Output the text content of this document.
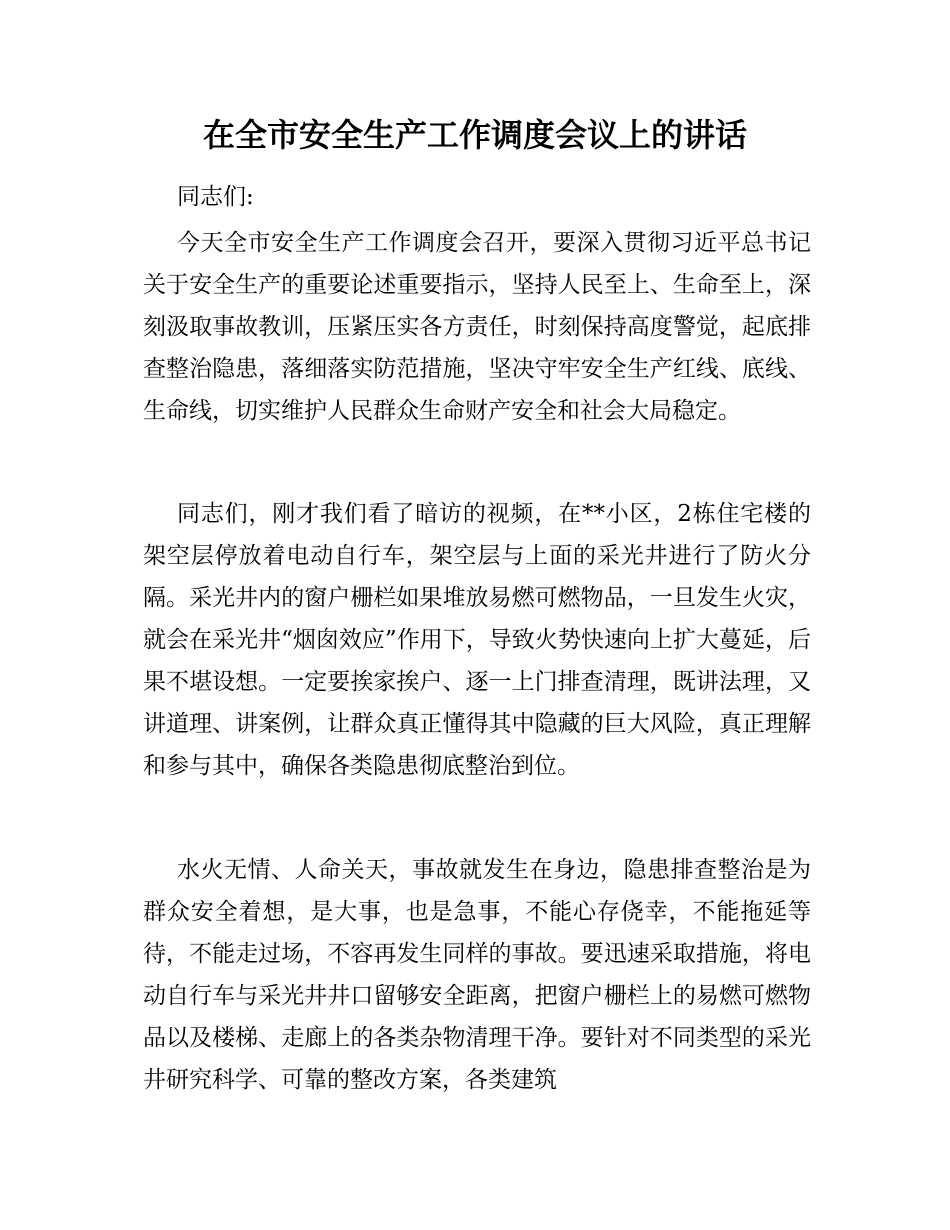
在全市安全生产工作调度会议上的讲话

同志们:

今天全市安全生产工作调度会召开，要深入贯彻习近平总书记关于安全生产的重要论述重要指示，坚持人民至上、生命至上，深刻汲取事故教训，压紧压实各方责任，时刻保持高度警觉，起底排查整治隐患，落细落实防范措施，坚决守牢安全生产红线、底线、生命线，切实维护人民群众生命财产安全和社会大局稳定。

同志们，刚才我们看了暗访的视频，在**小区，2栋住宅楼的架空层停放着电动自行车，架空层与上面的采光井进行了防火分隔。采光井内的窗户栅栏如果堆放易燃可燃物品，一旦发生火灾，就会在采光井“烟囱效应”作用下，导致火势快速向上扩大蔓延，后果不堪设想。一定要挨家挨户、逐一上门排查清理，既讲法理，又讲道理、讲案例，让群众真正懂得其中隐藏的巨大风险，真正理解和参与其中，确保各类隐患彻底整治到位。

水火无情、人命关天，事故就发生在身边，隐患排查整治是为群众安全着想，是大事，也是急事，不能心存侥幸，不能拖延等待，不能走过场，不容再发生同样的事故。要迅速采取措施，将电动自行车与采光井井口留够安全距离，把窗户栅栏上的易燃可燃物品以及楼梯、走廊上的各类杂物清理干净。要针对不同类型的采光井研究科学、可靠的整改方案，各类建筑
